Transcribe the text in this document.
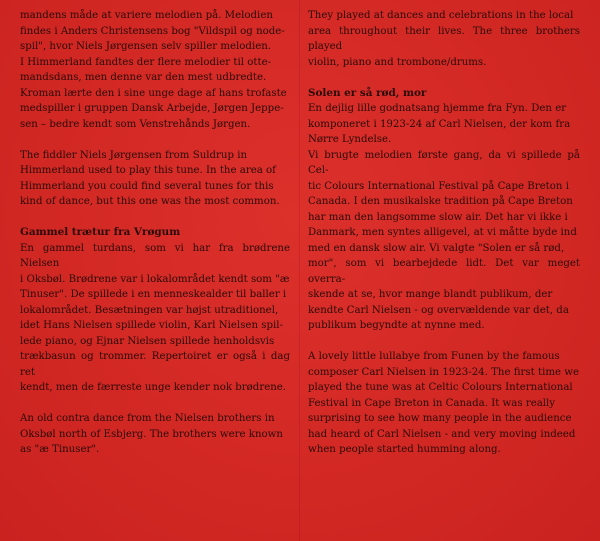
mandens måde at variere melodien på. Melodien
findes i Anders Christensens bog "Vildspil og node-
spil", hvor Niels Jørgensen selv spiller melodien.
I Himmerland fandtes der flere melodier til otte-
mandsdans, men denne var den mest udbredte.
Kroman lærte den i sine unge dage af hans trofaste
medspiller i gruppen Dansk Arbejde, Jørgen Jeppe-
sen – bedre kendt som Venstrehånds Jørgen.

The fiddler Niels Jørgensen from Suldrup in
Himmerland used to play this tune. In the area of
Himmerland you could find several tunes for this
kind of dance, but this one was the most common.

Gammel trætur fra Vrøgum

En gammel turdans, som vi har fra brødrene Nielsen
i Oksbøl. Brødrene var i lokalområdet kendt som "æ
Tinuser". De spillede i en menneskealder til baller i
lokalområdet. Besætningen var højst utraditionel,
idet Hans Nielsen spillede violin, Karl Nielsen spil-
lede piano, og Ejnar Nielsen spillede henholdsvis
trækbasun og trommer. Repertoiret er også i dag ret
kendt, men de færreste unge kender nok brødrene.

An old contra dance from the Nielsen brothers in
Oksbøl north of Esbjerg. The brothers were known
as "æ Tinuser".

They played at dances and celebrations in the local
area throughout their lives. The three brothers played
violin, piano and trombone/drums.

Solen er så rød, mor

En dejlig lille godnatsang hjemme fra Fyn. Den er
komponeret i 1923-24 af Carl Nielsen, der kom fra
Nørre Lyndelse.

Vi brugte melodien første gang, da vi spillede på Cel-
tic Colours International Festival på Cape Breton i
Canada. I den musikalske tradition på Cape Breton
har man den langsomme slow air. Det har vi ikke i
Danmark, men syntes alligevel, at vi måtte byde ind
med en dansk slow air. Vi valgte "Solen er så rød,
mor", som vi bearbejdede lidt. Det var meget overra-
skende at se, hvor mange blandt publikum, der
kendte Carl Nielsen - og overvældende var det, da
publikum begyndte at nynne med.

A lovely little lullabye from Funen by the famous
composer Carl Nielsen in 1923-24. The first time we
played the tune was at Celtic Colours International
Festival in Cape Breton in Canada. It was really
surprising to see how many people in the audience
had heard of Carl Nielsen - and very moving indeed
when people started humming along.
